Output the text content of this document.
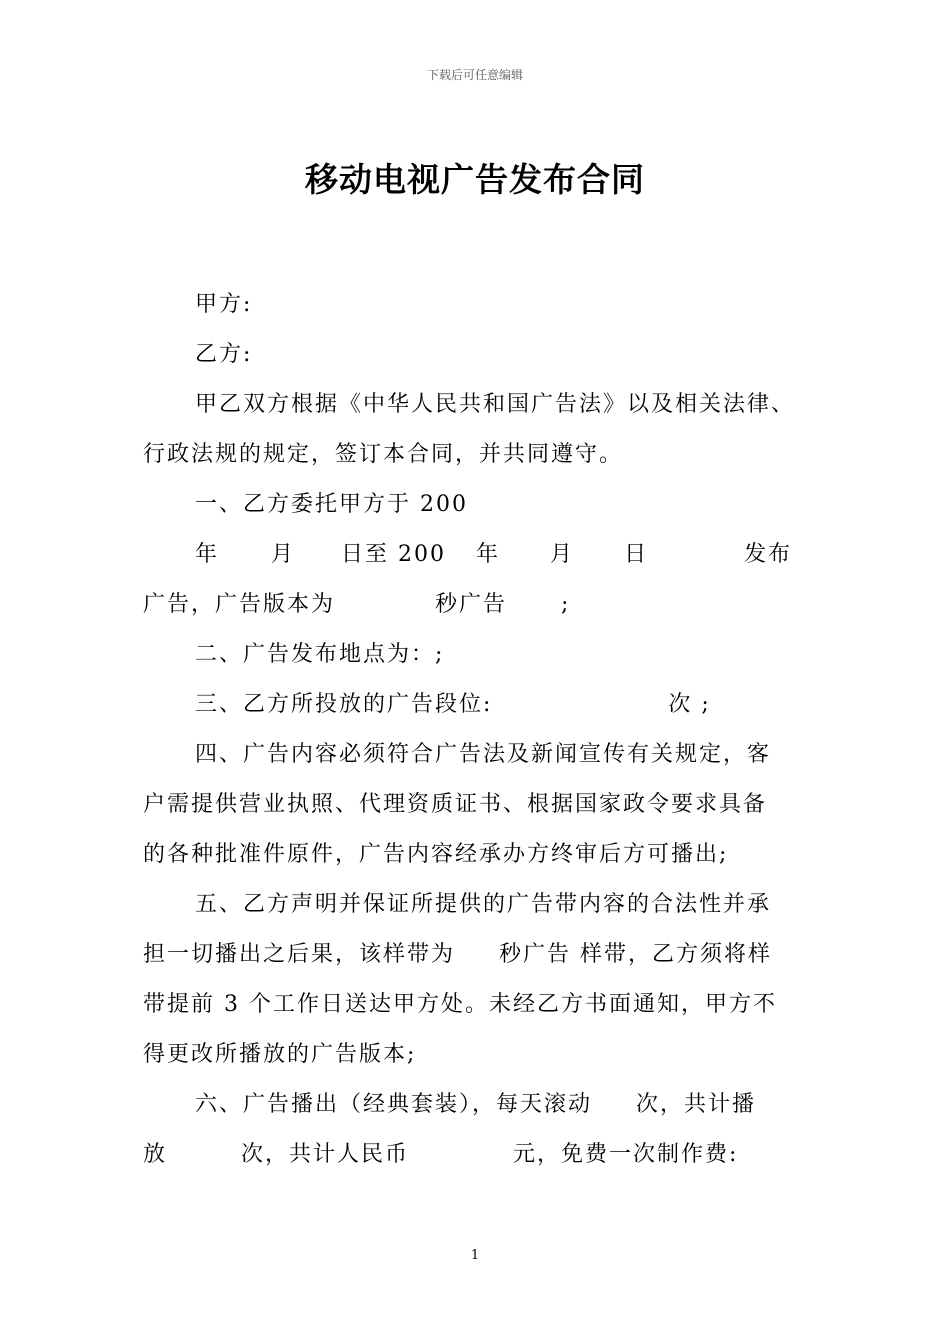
下载后可任意编辑
移动电视广告发布合同

甲方:

乙方:

甲乙双方根据《中华人民共和国广告法》以及相关法律、

行政法规的规定，签订本合同，并共同遵守。

一、乙方委托甲方于 200

年 月 日至 200 年 月 日	发布

广告，广告版本为	秒广告 ;

二、广告发布地点为：;

三、乙方所投放的广告段位:	次 ;

四、广告内容必须符合广告法及新闻宣传有关规定，客

户需提供营业执照、代理资质证书、根据国家政令要求具备

的各种批准件原件，广告内容经承办方终审后方可播出;

五、乙方声明并保证所提供的广告带内容的合法性并承

担一切播出之后果，该样带为 秒广告 样带，乙方须将样

带提前 3 个工作日送达甲方处。未经乙方书面通知，甲方不

得更改所播放的广告版本;

六、广告播出（经典套装），每天滚动 次，共计播

放	次，共计人民币	元，免费一次制作费:

1
